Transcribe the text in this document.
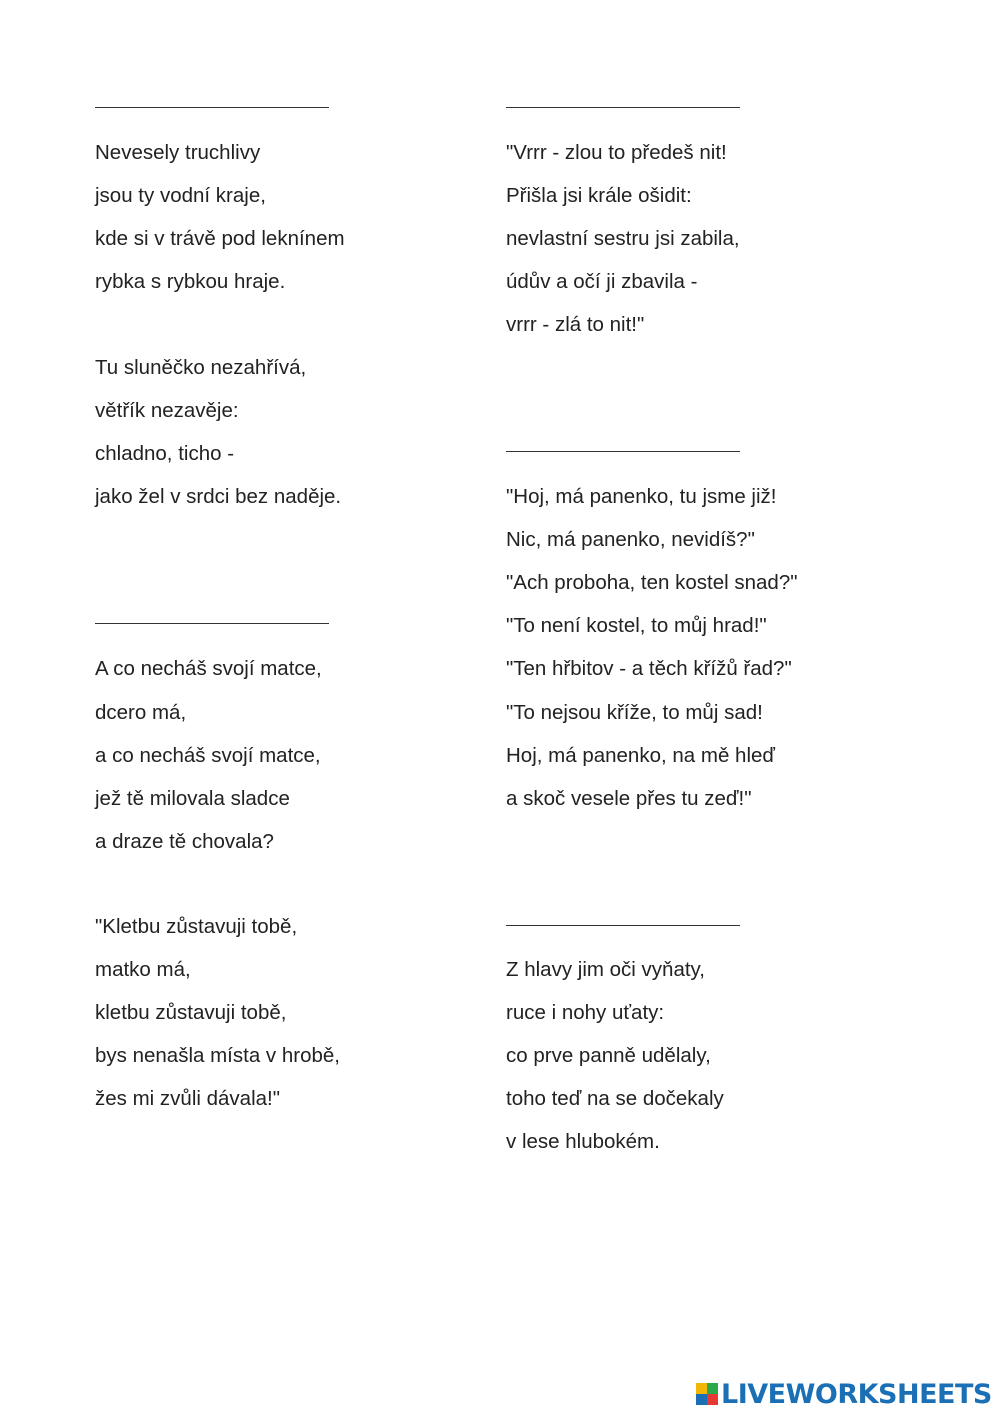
Nevesely truchlivy
jsou ty vodní kraje,
kde si v trávě pod leknínem
rybka s rybkou hraje.
Tu sluněčko nezahřívá,
větřík nezavěje:
chladno, ticho -
jako žel v srdci bez naděje.
A co necháš svojí matce,
dcero má,
a co necháš svojí matce,
jež tě milovala sladce
a draze tě chovala?
"Kletbu zůstavuji tobě,
matko má,
kletbu zůstavuji tobě,
bys nenašla místa v hrobě,
žes mi zvůli dávala!"
"Vrrr - zlou to předeš nit!
Přišla jsi krále ošidit:
nevlastní sestru jsi zabila,
údův a očí ji zbavila -
vrrr - zlá to nit!"
"Hoj, má panenko, tu jsme již!
Nic, má panenko, nevidíš?"
"Ach proboha, ten kostel snad?"
"To není kostel, to můj hrad!"
"Ten hřbitov - a těch křížů řad?"
"To nejsou kříže, to můj sad!
Hoj, má panenko, na mě hleď
a skoč vesele přes tu zeď!"
Z hlavy jim oči vyňaty,
ruce i nohy uťaty:
co prve panně udělaly,
toho teď na se dočekaly
v lese hlubokém.
LIVEWORKSHEETS
